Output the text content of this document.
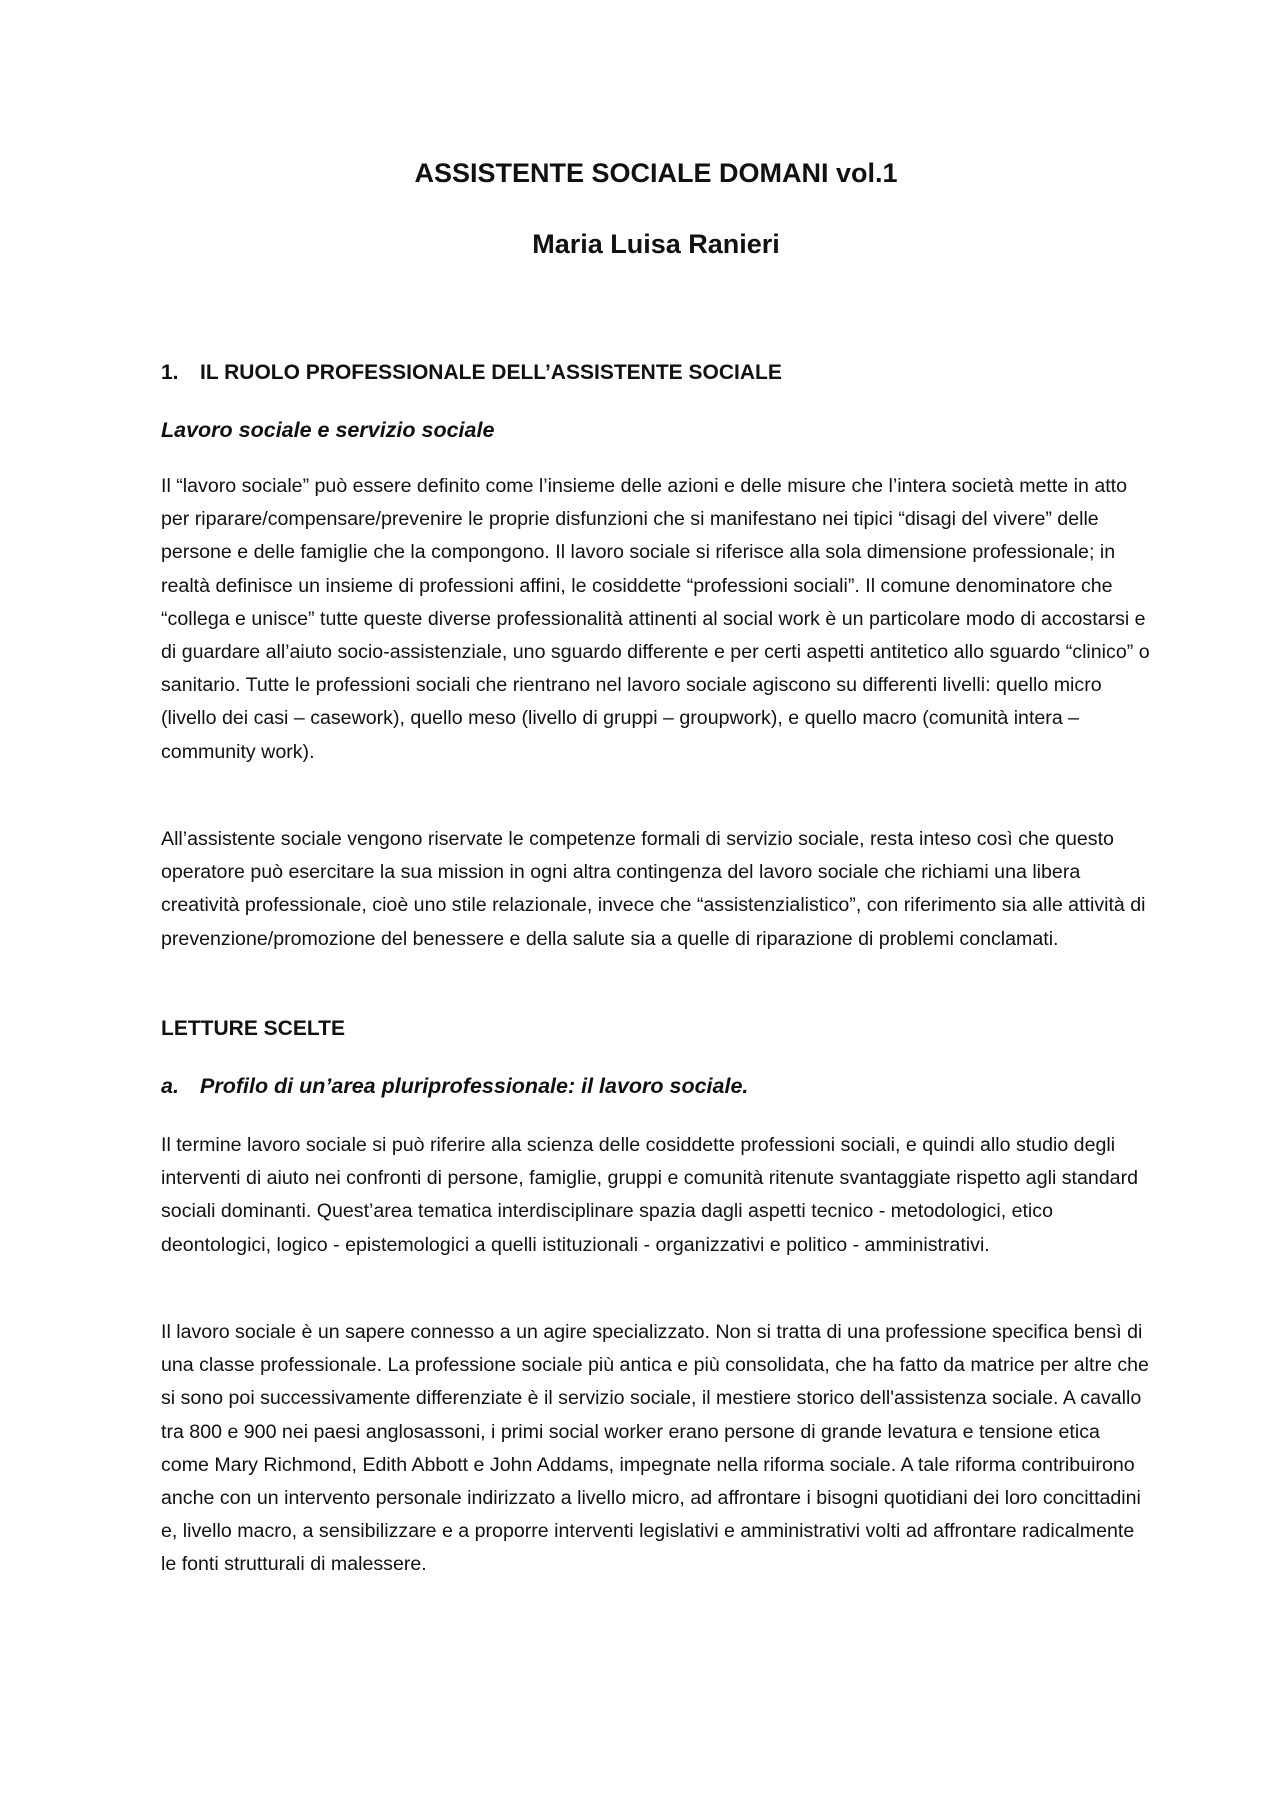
ASSISTENTE SOCIALE DOMANI vol.1
Maria Luisa Ranieri
1. IL RUOLO PROFESSIONALE DELL’ASSISTENTE SOCIALE
Lavoro sociale e servizio sociale

Il “lavoro sociale” può essere definito come l’insieme delle azioni e delle misure che l’intera società mette in atto per riparare/compensare/prevenire le proprie disfunzioni che si manifestano nei tipici “disagi del vivere” delle persone e delle famiglie che la compongono. Il lavoro sociale si riferisce alla sola dimensione professionale; in realtà definisce un insieme di professioni affini, le cosiddette “professioni sociali”. Il comune denominatore che “collega e unisce” tutte queste diverse professionalità attinenti al social work è un particolare modo di accostarsi e di guardare all’aiuto socio-assistenziale, uno sguardo differente e per certi aspetti antitetico allo sguardo “clinico” o sanitario. Tutte le professioni sociali che rientrano nel lavoro sociale agiscono su differenti livelli: quello micro (livello dei casi – casework), quello meso (livello di gruppi – groupwork), e quello macro (comunità intera – community work).

All’assistente sociale vengono riservate le competenze formali di servizio sociale, resta inteso così che questo operatore può esercitare la sua mission in ogni altra contingenza del lavoro sociale che richiami una libera creatività professionale, cioè uno stile relazionale, invece che “assistenzialistico”, con riferimento sia alle attività di prevenzione/promozione del benessere e della salute sia a quelle di riparazione di problemi conclamati.

LETTURE SCELTE
a. Profilo di un’area pluriprofessionale: il lavoro sociale.

Il termine lavoro sociale si può riferire alla scienza delle cosiddette professioni sociali, e quindi allo studio degli interventi di aiuto nei confronti di persone, famiglie, gruppi e comunità ritenute svantaggiate rispetto agli standard sociali dominanti. Quest’area tematica interdisciplinare spazia dagli aspetti tecnico - metodologici, etico deontologici, logico - epistemologici a quelli istituzionali - organizzativi e politico - amministrativi.

Il lavoro sociale è un sapere connesso a un agire specializzato. Non si tratta di una professione specifica bensì di una classe professionale. La professione sociale più antica e più consolidata, che ha fatto da matrice per altre che si sono poi successivamente differenziate è il servizio sociale, il mestiere storico dell'assistenza sociale. A cavallo tra 800 e 900 nei paesi anglosassoni, i primi social worker erano persone di grande levatura e tensione etica come Mary Richmond, Edith Abbott e John Addams, impegnate nella riforma sociale. A tale riforma contribuirono anche con un intervento personale indirizzato a livello micro, ad affrontare i bisogni quotidiani dei loro concittadini e, livello macro, a sensibilizzare e a proporre interventi legislativi e amministrativi volti ad affrontare radicalmente le fonti strutturali di malessere.
